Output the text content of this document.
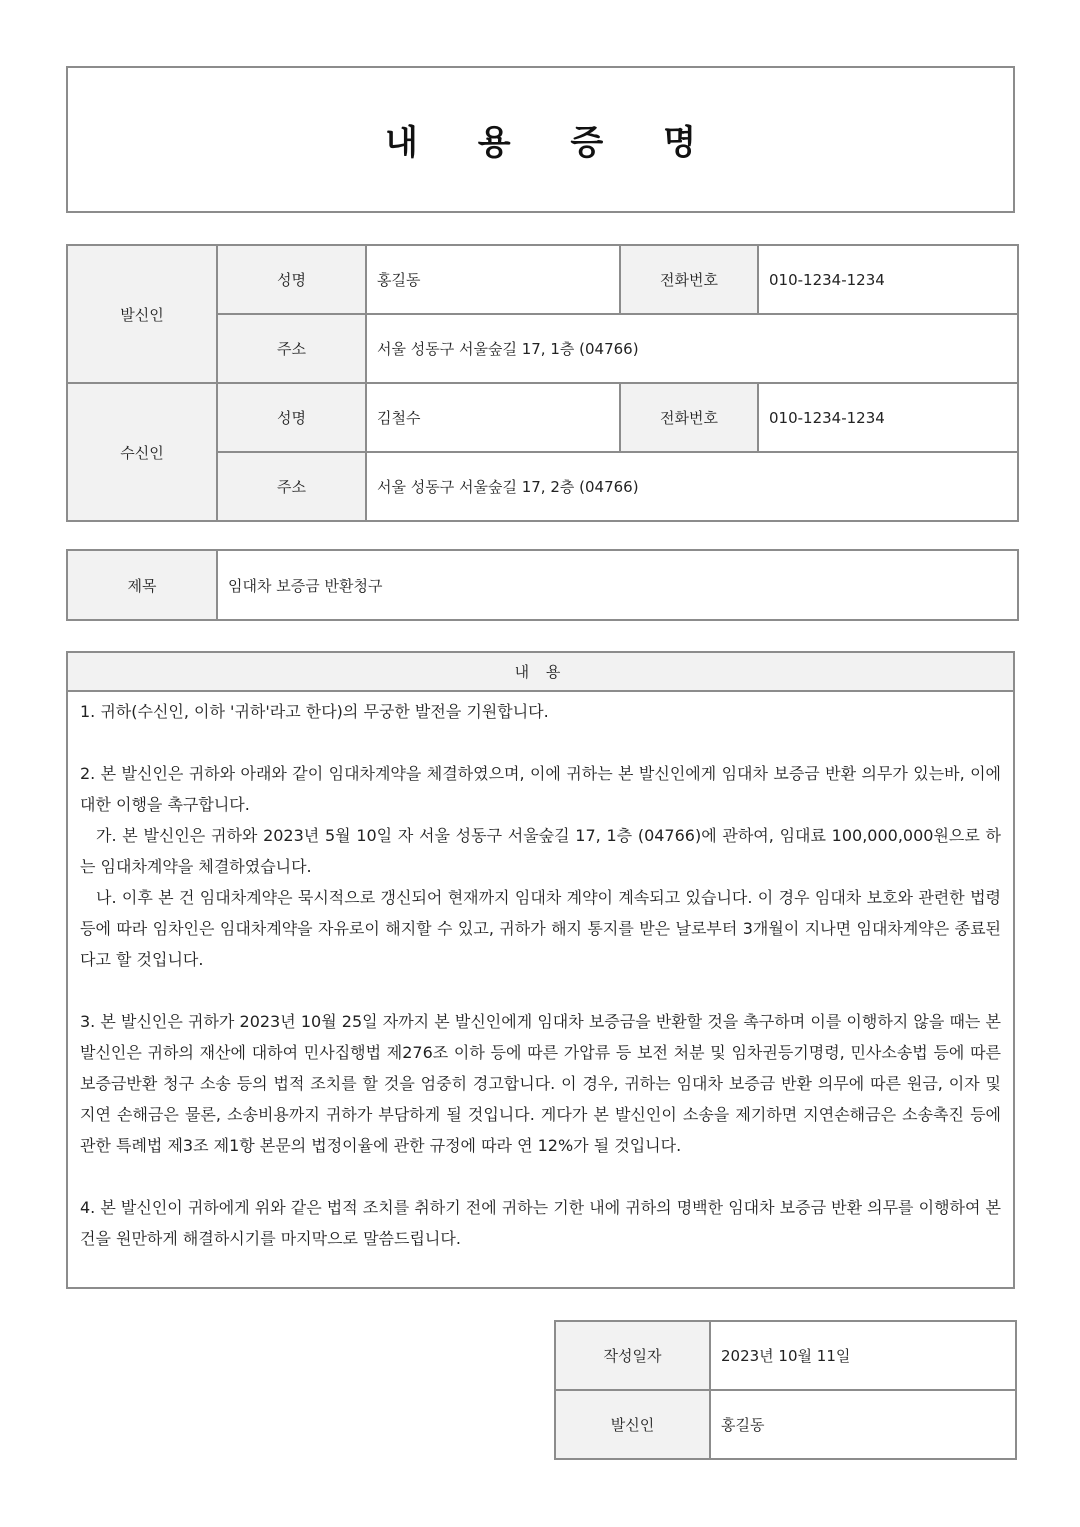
내 용 증 명
발신인	성명	홍길동	전화번호	010-1234-1234
	주소	서울 성동구 서울숲길 17, 1층 (04766)		
수신인	성명	김철수	전화번호	010-1234-1234
	주소	서울 성동구 서울숲길 17, 2층 (04766)		
제목	임대차 보증금 반환청구
내 용

1. 귀하(수신인, 이하 '귀하'라고 한다)의 무궁한 발전을 기원합니다.

2. 본 발신인은 귀하와 아래와 같이 임대차계약을 체결하였으며, 이에 귀하는 본 발신인에게 임대차 보증금 반환 의무가 있는바, 이에 대한 이행을 촉구합니다.

가. 본 발신인은 귀하와 2023년 5월 10일 자 서울 성동구 서울숲길 17, 1층 (04766)에 관하여, 임대료 100,000,000원으로 하는 임대차계약을 체결하였습니다.

나. 이후 본 건 임대차계약은 묵시적으로 갱신되어 현재까지 임대차 계약이 계속되고 있습니다. 이 경우 임대차 보호와 관련한 법령 등에 따라 임차인은 임대차계약을 자유로이 해지할 수 있고, 귀하가 해지 통지를 받은 날로부터 3개월이 지나면 임대차계약은 종료된다고 할 것입니다.

3. 본 발신인은 귀하가 2023년 10월 25일 자까지 본 발신인에게 임대차 보증금을 반환할 것을 촉구하며 이를 이행하지 않을 때는 본 발신인은 귀하의 재산에 대하여 민사집행법 제276조 이하 등에 따른 가압류 등 보전 처분 및 임차권등기명령, 민사소송법 등에 따른 보증금반환 청구 소송 등의 법적 조치를 할 것을 엄중히 경고합니다. 이 경우, 귀하는 임대차 보증금 반환 의무에 따른 원금, 이자 및 지연 손해금은 물론, 소송비용까지 귀하가 부담하게 될 것입니다. 게다가 본 발신인이 소송을 제기하면 지연손해금은 소송촉진 등에 관한 특례법 제3조 제1항 본문의 법정이율에 관한 규정에 따라 연 12%가 될 것입니다.

4. 본 발신인이 귀하에게 위와 같은 법적 조치를 취하기 전에 귀하는 기한 내에 귀하의 명백한 임대차 보증금 반환 의무를 이행하여 본 건을 원만하게 해결하시기를 마지막으로 말씀드립니다.

작성일자	2023년 10월 11일
발신인	홍길동
